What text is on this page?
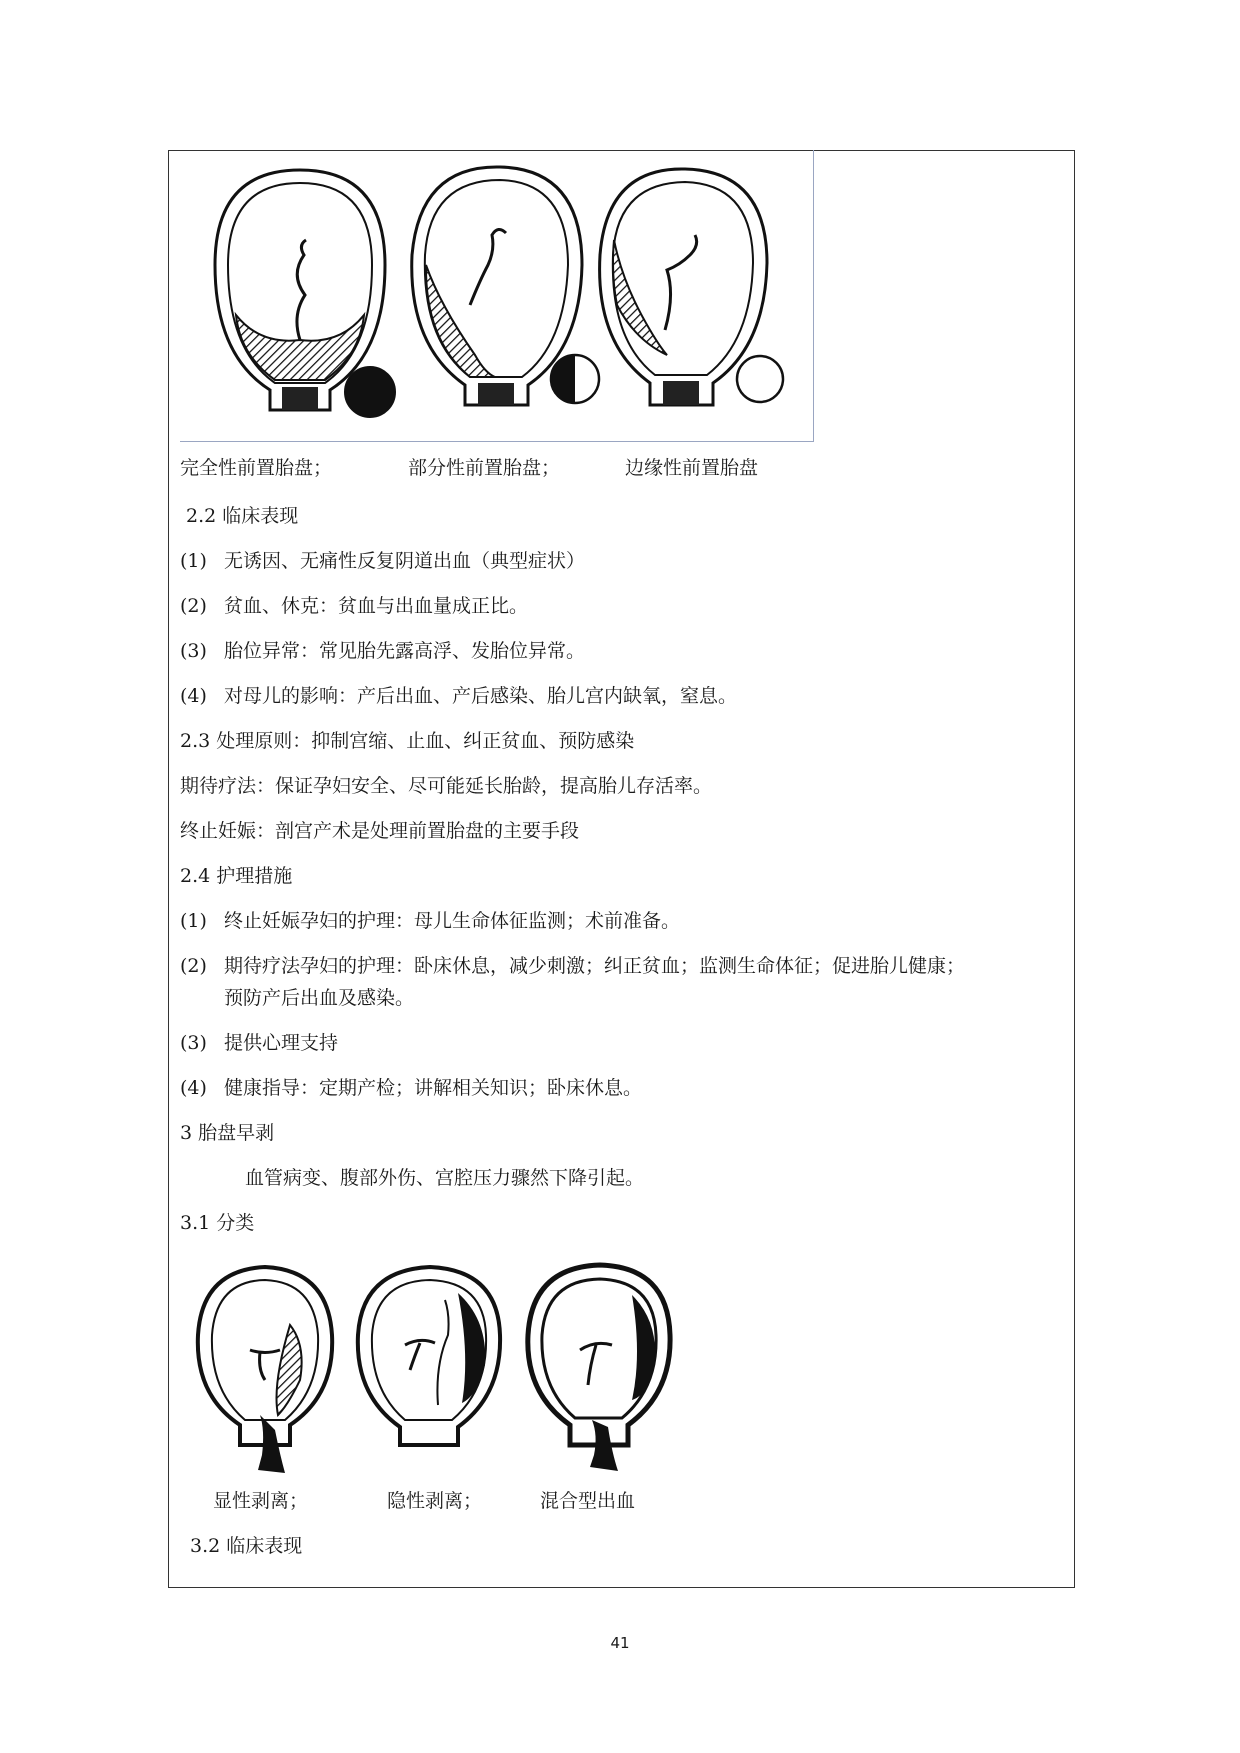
完全性前置胎盘；	部分性前置胎盘；	边缘性前置胎盘
2.2 临床表现
(1) 无诱因、无痛性反复阴道出血（典型症状）
(2) 贫血、休克：贫血与出血量成正比。
(3) 胎位异常：常见胎先露高浮、发胎位异常。
(4) 对母儿的影响：产后出血、产后感染、胎儿宫内缺氧，窒息。
2.3 处理原则：抑制宫缩、止血、纠正贫血、预防感染
期待疗法：保证孕妇安全、尽可能延长胎龄，提高胎儿存活率。
终止妊娠：剖宫产术是处理前置胎盘的主要手段
2.4 护理措施
(1) 终止妊娠孕妇的护理：母儿生命体征监测；术前准备。
(2) 期待疗法孕妇的护理：卧床休息，减少刺激；纠正贫血；监测生命体征；促进胎儿健康；
预防产后出血及感染。
(3) 提供心理支持
(4) 健康指导：定期产检；讲解相关知识；卧床休息。
3 胎盘早剥
血管病变、腹部外伤、宫腔压力骤然下降引起。
3.1 分类
显性剥离；	隐性剥离；	混合型出血
3.2 临床表现
41
